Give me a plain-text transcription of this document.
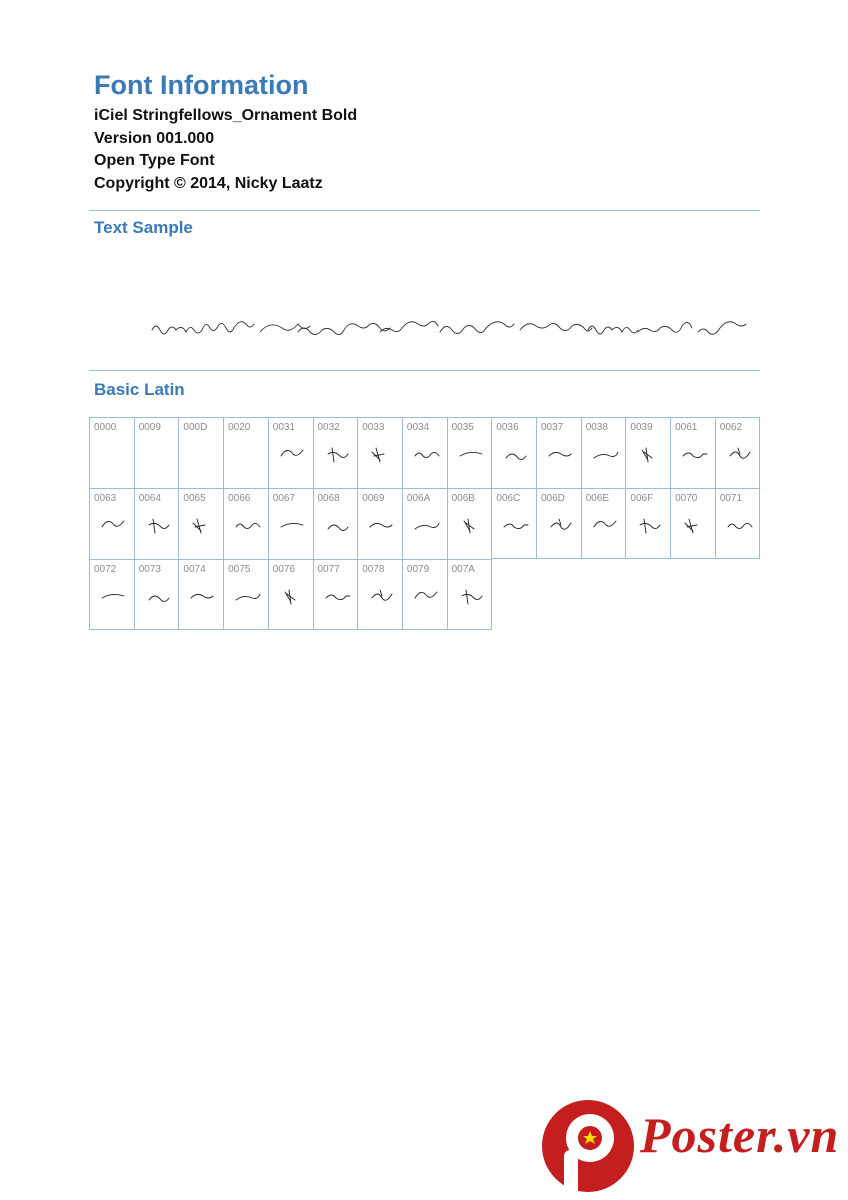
Font Information
iCiel Stringfellows_Ornament Bold
Version 001.000
Open Type Font
Copyright © 2014, Nicky Laatz
Text Sample
Basic Latin
0000 0009 000D 0020 0031 0032 0033 0034 0035 0036 0037 0038 0039 0061 0062
0063 0064 0065 0066 0067 0068 0069 006A 006B 006C 006D 006E 006F 0070 0071
0072 0073 0074 0075 0076 0077 0078 0079 007A
Poster.vn
